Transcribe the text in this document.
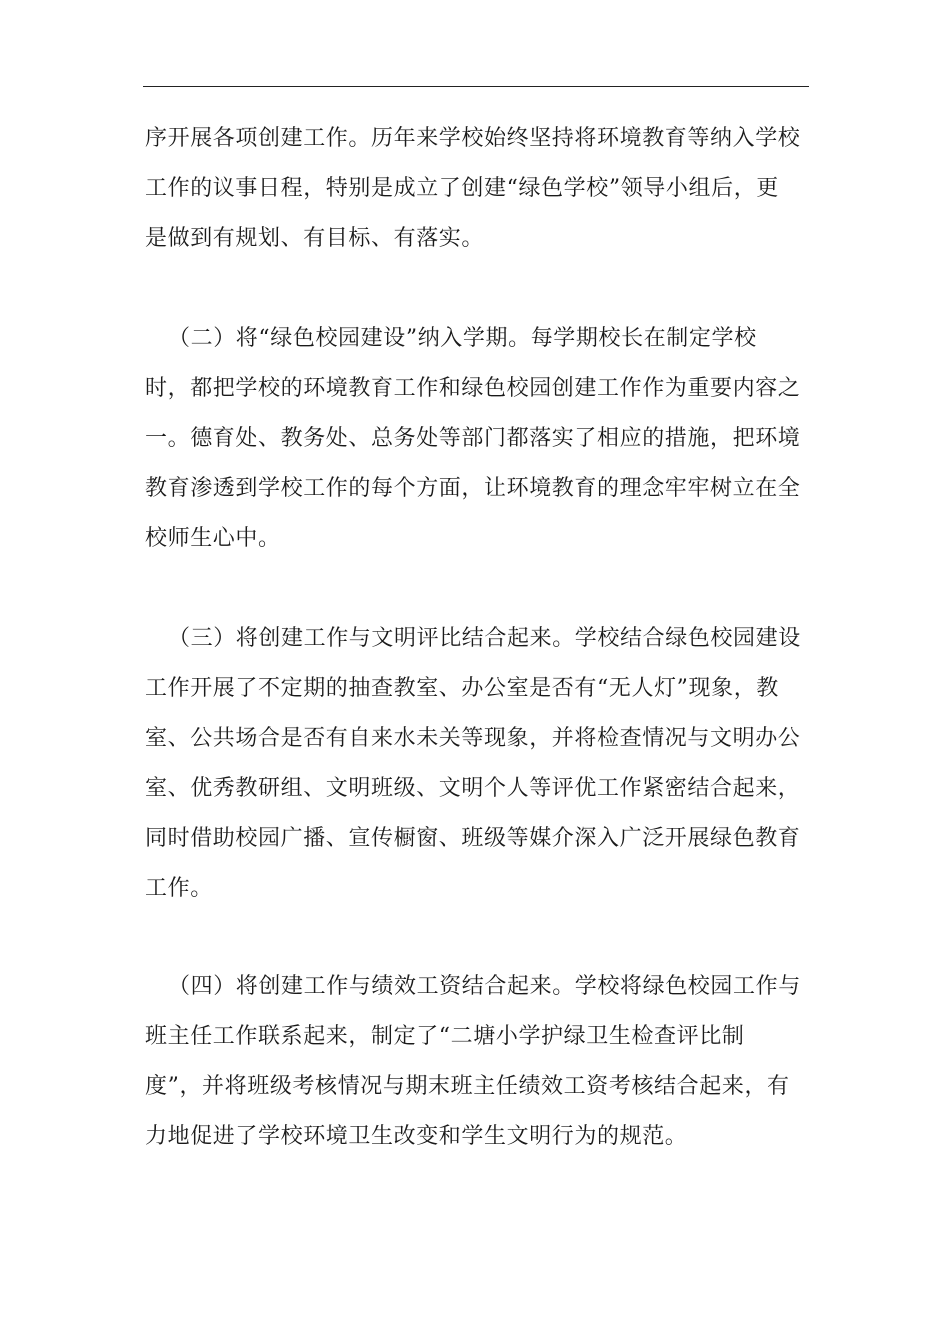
序开展各项创建工作。历年来学校始终坚持将环境教育等纳入学校
工作的议事日程，特别是成立了创建“绿色学校”领导小组后，更
是做到有规划、有目标、有落实。
（二）将“绿色校园建设”纳入学期。每学期校长在制定学校
时，都把学校的环境教育工作和绿色校园创建工作作为重要内容之
一。德育处、教务处、总务处等部门都落实了相应的措施，把环境
教育渗透到学校工作的每个方面，让环境教育的理念牢牢树立在全
校师生心中。
（三）将创建工作与文明评比结合起来。学校结合绿色校园建设
工作开展了不定期的抽查教室、办公室是否有“无人灯”现象，教
室、公共场合是否有自来水未关等现象，并将检查情况与文明办公
室、优秀教研组、文明班级、文明个人等评优工作紧密结合起来，
同时借助校园广播、宣传橱窗、班级等媒介深入广泛开展绿色教育
工作。
（四）将创建工作与绩效工资结合起来。学校将绿色校园工作与
班主任工作联系起来，制定了“二塘小学护绿卫生检查评比制
度”，并将班级考核情况与期末班主任绩效工资考核结合起来，有
力地促进了学校环境卫生改变和学生文明行为的规范。
